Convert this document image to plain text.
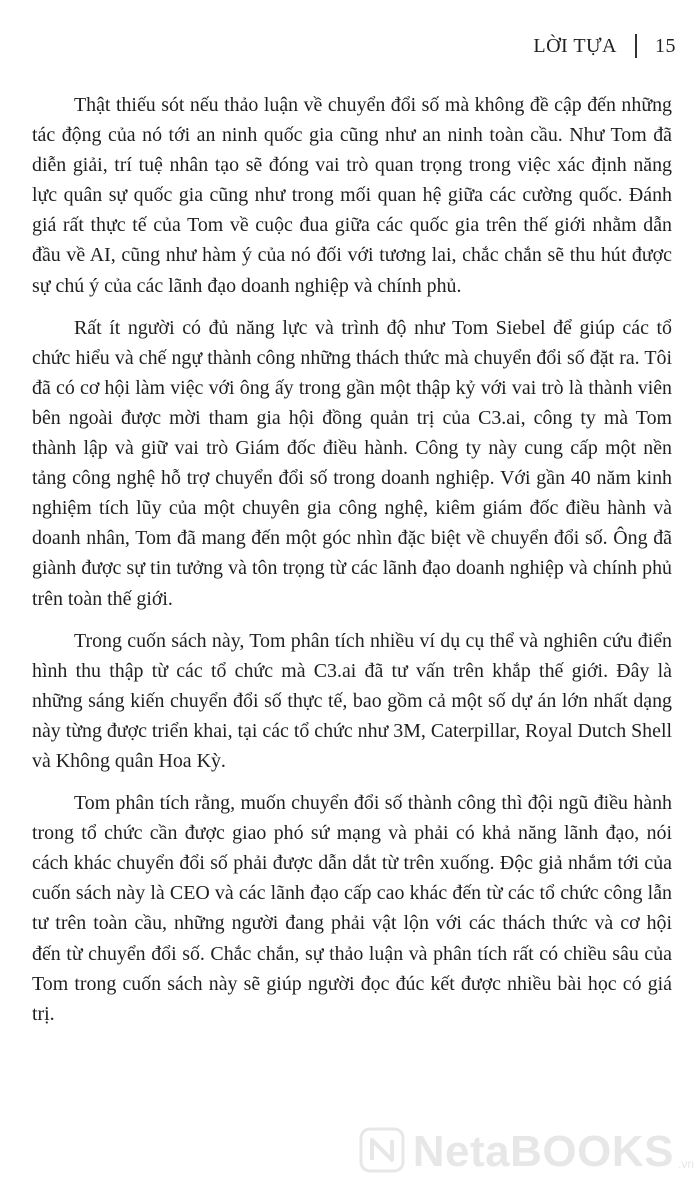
LỜI TỰA 15

Thật thiếu sót nếu thảo luận về chuyển đổi số mà không đề cập đến những tác động của nó tới an ninh quốc gia cũng như an ninh toàn cầu. Như Tom đã diễn giải, trí tuệ nhân tạo sẽ đóng vai trò quan trọng trong việc xác định năng lực quân sự quốc gia cũng như trong mối quan hệ giữa các cường quốc. Đánh giá rất thực tế của Tom về cuộc đua giữa các quốc gia trên thế giới nhằm dẫn đầu về AI, cũng như hàm ý của nó đối với tương lai, chắc chắn sẽ thu hút được sự chú ý của các lãnh đạo doanh nghiệp và chính phủ.

Rất ít người có đủ năng lực và trình độ như Tom Siebel để giúp các tổ chức hiểu và chế ngự thành công những thách thức mà chuyển đổi số đặt ra. Tôi đã có cơ hội làm việc với ông ấy trong gần một thập kỷ với vai trò là thành viên bên ngoài được mời tham gia hội đồng quản trị của C3.ai, công ty mà Tom thành lập và giữ vai trò Giám đốc điều hành. Công ty này cung cấp một nền tảng công nghệ hỗ trợ chuyển đổi số trong doanh nghiệp. Với gần 40 năm kinh nghiệm tích lũy của một chuyên gia công nghệ, kiêm giám đốc điều hành và doanh nhân, Tom đã mang đến một góc nhìn đặc biệt về chuyển đổi số. Ông đã giành được sự tin tưởng và tôn trọng từ các lãnh đạo doanh nghiệp và chính phủ trên toàn thế giới.

Trong cuốn sách này, Tom phân tích nhiều ví dụ cụ thể và nghiên cứu điển hình thu thập từ các tổ chức mà C3.ai đã tư vấn trên khắp thế giới. Đây là những sáng kiến chuyển đổi số thực tế, bao gồm cả một số dự án lớn nhất dạng này từng được triển khai, tại các tổ chức như 3M, Caterpillar, Royal Dutch Shell và Không quân Hoa Kỳ.

Tom phân tích rằng, muốn chuyển đổi số thành công thì đội ngũ điều hành trong tổ chức cần được giao phó sứ mạng và phải có khả năng lãnh đạo, nói cách khác chuyển đổi số phải được dẫn dắt từ trên xuống. Độc giả nhắm tới của cuốn sách này là CEO và các lãnh đạo cấp cao khác đến từ các tổ chức công lẫn tư trên toàn cầu, những người đang phải vật lộn với các thách thức và cơ hội đến từ chuyển đổi số. Chắc chắn, sự thảo luận và phân tích rất có chiều sâu của Tom trong cuốn sách này sẽ giúp người đọc đúc kết được nhiều bài học có giá trị.

NetaBOOKS .vn
